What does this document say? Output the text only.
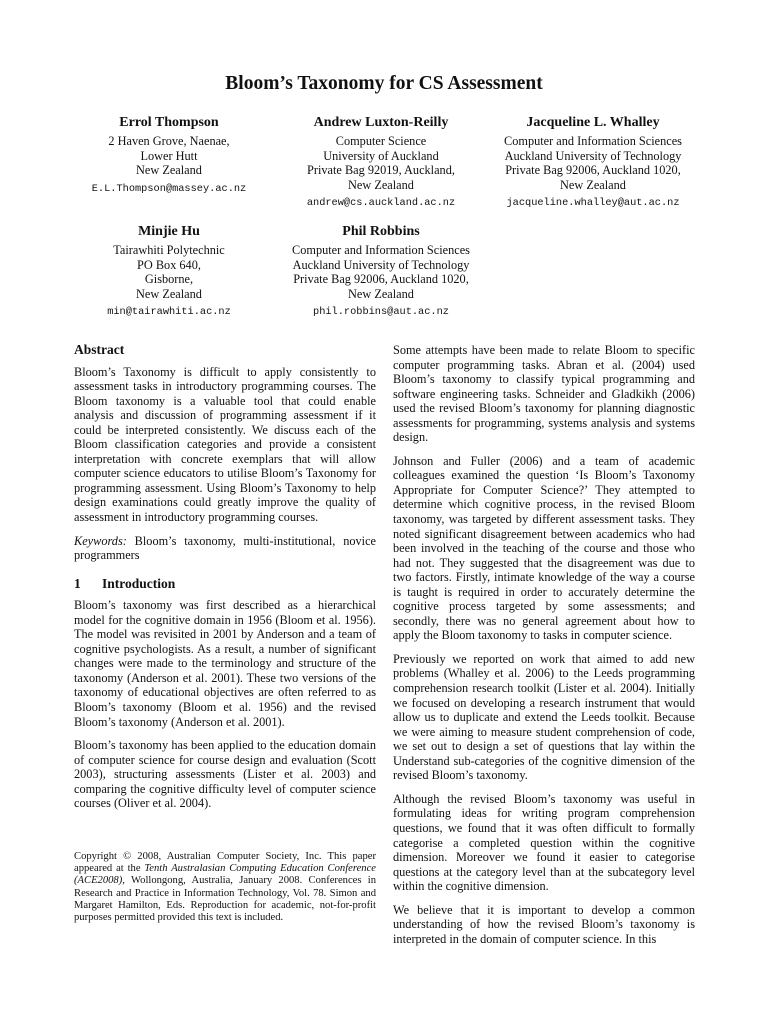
Bloom’s Taxonomy for CS Assessment
Errol Thompson
2 Haven Grove, Naenae,
Lower Hutt
New Zealand
E.L.Thompson@massey.ac.nz
Andrew Luxton-Reilly
Computer Science
University of Auckland
Private Bag 92019, Auckland,
New Zealand
andrew@cs.auckland.ac.nz
Jacqueline L. Whalley
Computer and Information Sciences
Auckland University of Technology
Private Bag 92006, Auckland 1020,
New Zealand
jacqueline.whalley@aut.ac.nz
Minjie Hu
Tairawhiti Polytechnic
PO Box 640,
Gisborne,
New Zealand
min@tairawhiti.ac.nz
Phil Robbins
Computer and Information Sciences
Auckland University of Technology
Private Bag 92006, Auckland 1020,
New Zealand
phil.robbins@aut.ac.nz
Abstract

Bloom’s Taxonomy is difficult to apply consistently to assessment tasks in introductory programming courses. The Bloom taxonomy is a valuable tool that could enable analysis and discussion of programming assessment if it could be interpreted consistently. We discuss each of the Bloom classification categories and provide a consistent interpretation with concrete exemplars that will allow computer science educators to utilise Bloom’s Taxonomy for programming assessment. Using Bloom’s Taxonomy to help design examinations could greatly improve the quality of assessment in introductory programming courses.

Keywords: Bloom’s taxonomy, multi-institutional, novice programmers

1 Introduction

Bloom’s taxonomy was first described as a hierarchical model for the cognitive domain in 1956 (Bloom et al. 1956). The model was revisited in 2001 by Anderson and a team of cognitive psychologists. As a result, a number of significant changes were made to the terminology and structure of the taxonomy (Anderson et al. 2001). These two versions of the taxonomy of educational objectives are often referred to as Bloom’s taxonomy (Bloom et al. 1956) and the revised Bloom’s taxonomy (Anderson et al. 2001).

Bloom’s taxonomy has been applied to the education domain of computer science for course design and evaluation (Scott 2003), structuring assessments (Lister et al. 2003) and comparing the cognitive difficulty level of computer science courses (Oliver et al. 2004).

Copyright © 2008, Australian Computer Society, Inc. This paper appeared at the Tenth Australasian Computing Education Conference (ACE2008), Wollongong, Australia, January 2008. Conferences in Research and Practice in Information Technology, Vol. 78. Simon and Margaret Hamilton, Eds. Reproduction for academic, not-for-profit purposes permitted provided this text is included.

Some attempts have been made to relate Bloom to specific computer programming tasks. Abran et al. (2004) used Bloom’s taxonomy to classify typical programming and software engineering tasks. Schneider and Gladkikh (2006) used the revised Bloom’s taxonomy for planning diagnostic assessments for programming, systems analysis and systems design.

Johnson and Fuller (2006) and a team of academic colleagues examined the question ‘Is Bloom’s Taxonomy Appropriate for Computer Science?’ They attempted to determine which cognitive process, in the revised Bloom taxonomy, was targeted by different assessment tasks. They noted significant disagreement between academics who had been involved in the teaching of the course and those who had not. They suggested that the disagreement was due to two factors. Firstly, intimate knowledge of the way a course is taught is required in order to accurately determine the cognitive process targeted by some assessments; and secondly, there was no general agreement about how to apply the Bloom taxonomy to tasks in computer science.

Previously we reported on work that aimed to add new problems (Whalley et al. 2006) to the Leeds programming comprehension research toolkit (Lister et al. 2004). Initially we focused on developing a research instrument that would allow us to duplicate and extend the Leeds toolkit. Because we were aiming to measure student comprehension of code, we set out to design a set of questions that lay within the Understand sub-categories of the cognitive dimension of the revised Bloom’s taxonomy.

Although the revised Bloom’s taxonomy was useful in formulating ideas for writing program comprehension questions, we found that it was often difficult to formally categorise a completed question within the cognitive dimension. Moreover we found it easier to categorise questions at the category level than at the subcategory level within the cognitive dimension.

We believe that it is important to develop a common understanding of how the revised Bloom’s taxonomy is interpreted in the domain of computer science. In this
